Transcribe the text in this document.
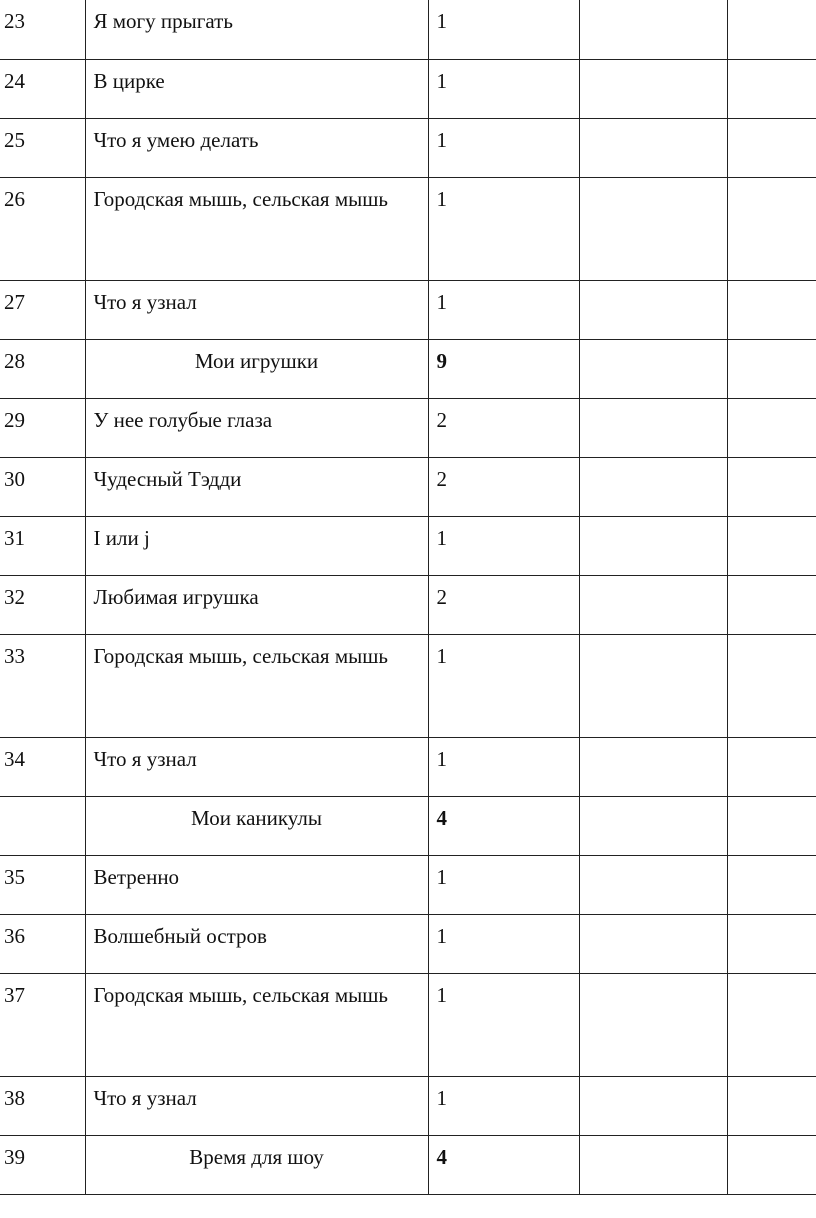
23	Я могу прыгать	1		
24	В цирке	1		
25	Что я умею делать	1		
26	Городская мышь, сельская мышь	1		
27	Что я узнал	1		
28	Мои игрушки	9		
29	У нее голубые глаза	2		
30	Чудесный Тэдди	2		
31	I или j	1		
32	Любимая игрушка	2		
33	Городская мышь, сельская мышь	1		
34	Что я узнал	1		
	Мои каникулы	4		
35	Ветренно	1		
36	Волшебный остров	1		
37	Городская мышь, сельская мышь	1		
38	Что я узнал	1		
39	Время для шоу	4		
